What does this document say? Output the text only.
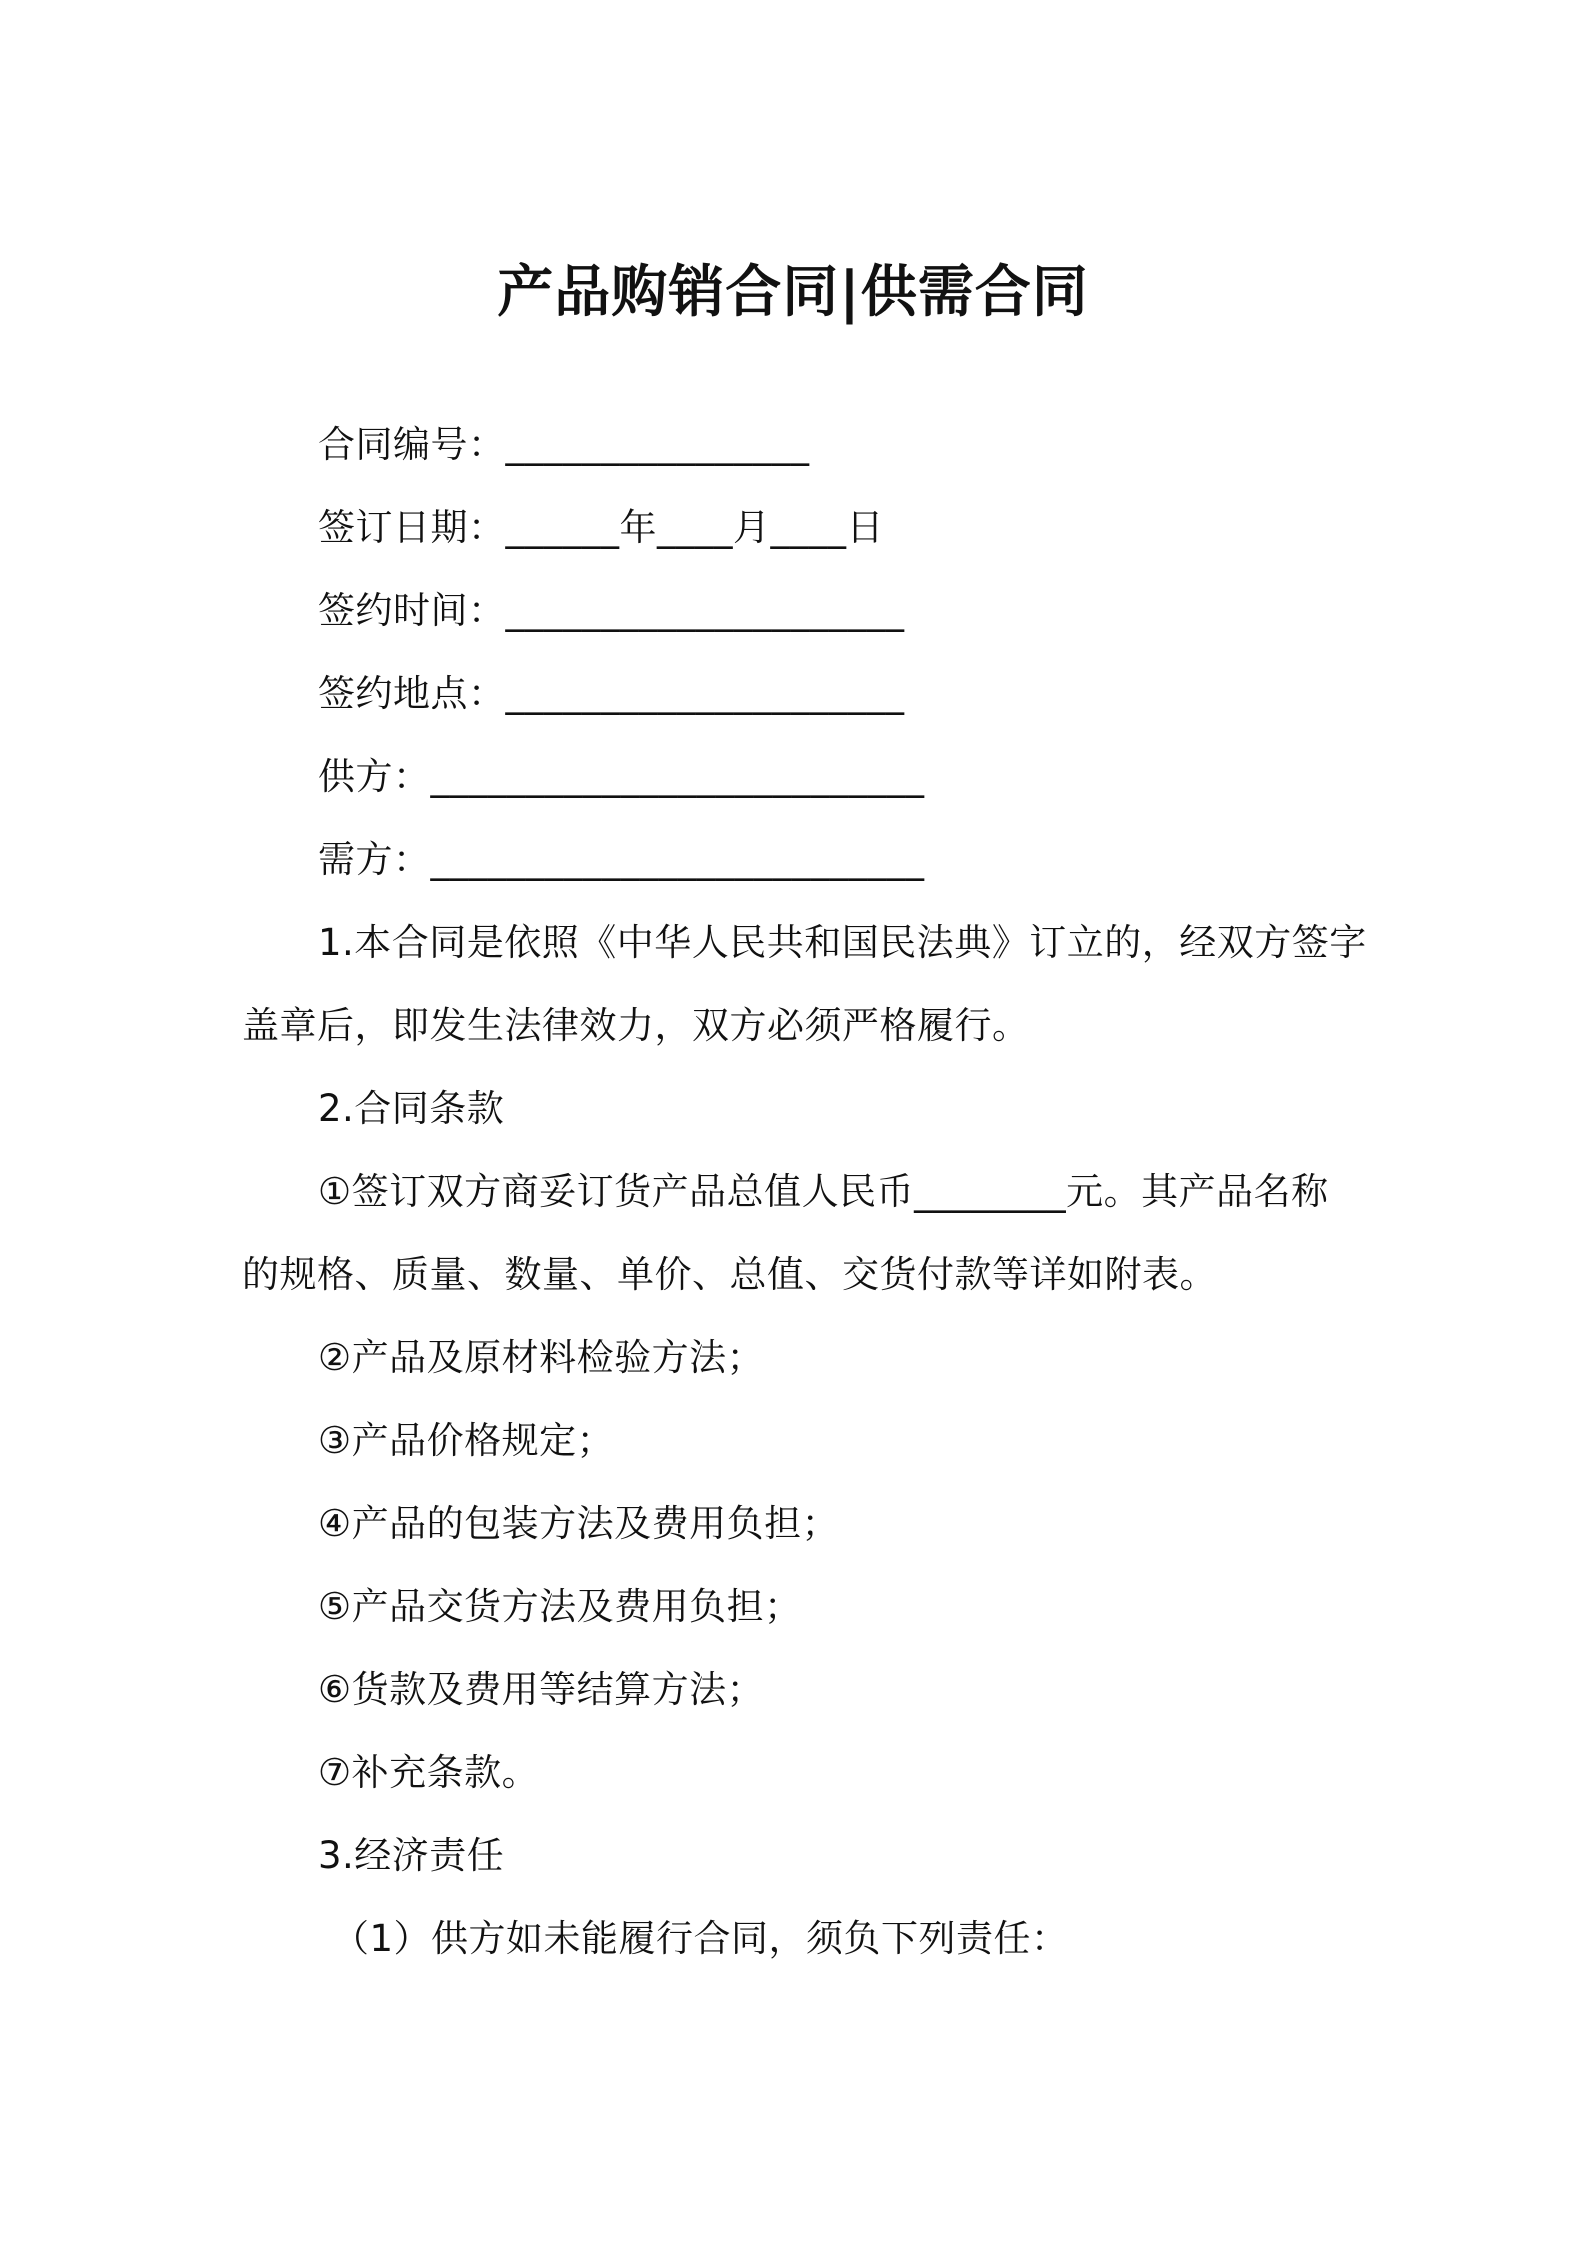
产品购销合同|供需合同
合同编号：________________
签订日期：______年____月____日
签约时间：_____________________
签约地点：_____________________
供方：__________________________
需方：__________________________
1.本合同是依照《中华人民共和国民法典》订立的，经双方签字
盖章后，即发生法律效力，双方必须严格履行。
2.合同条款
①签订双方商妥订货产品总值人民币________元。其产品名称
的规格、质量、数量、单价、总值、交货付款等详如附表。
②产品及原材料检验方法；
③产品价格规定；
④产品的包装方法及费用负担；
⑤产品交货方法及费用负担；
⑥货款及费用等结算方法；
⑦补充条款。
3.经济责任
（1）供方如未能履行合同，须负下列责任：
